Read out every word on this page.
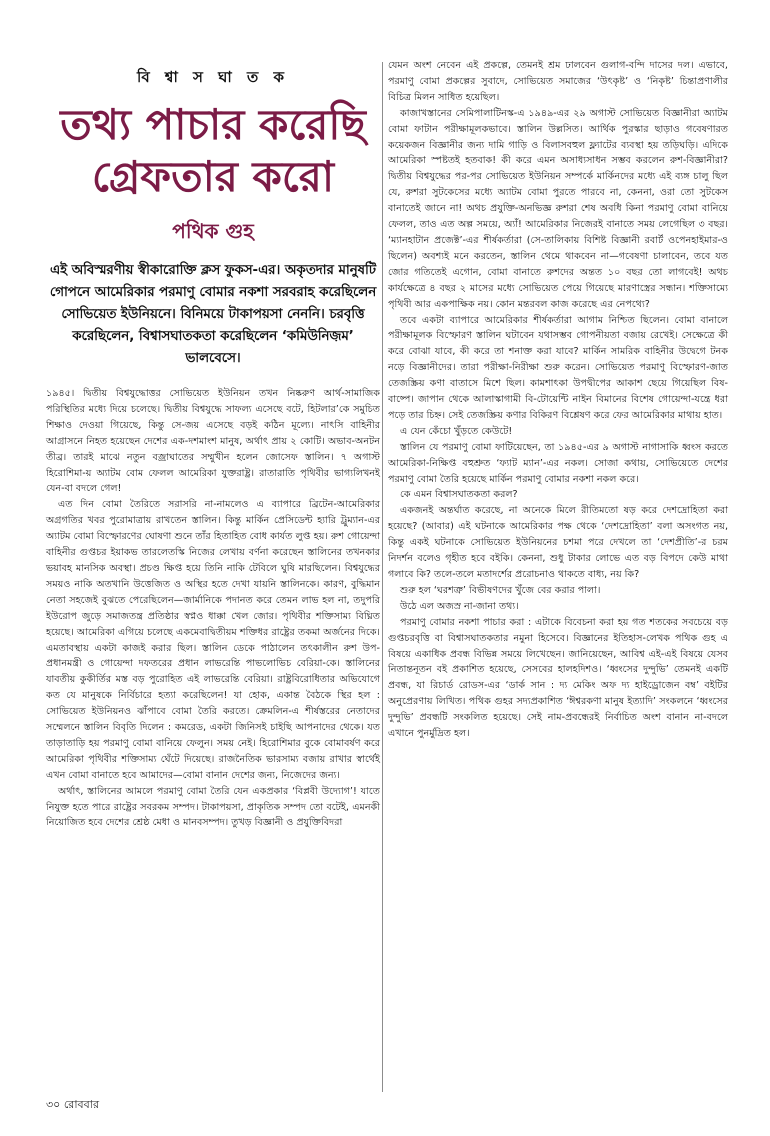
বি শ্বা স ঘা ত ক
তথ্য পাচার করেছি
গ্রেফতার করো
পথিক গুহ
এই অবিস্মরণীয় স্বীকারোক্তি ক্লস ফুকস-এর। অকৃতদার মানুষটি গোপনে আমেরিকার পরমাণু বোমার নকশা সরবরাহ করেছিলেন সোভিয়েত ইউনিয়নে। বিনিময়ে টাকাপয়সা নেননি। চরবৃত্তি করেছিলেন, বিশ্বাসঘাতকতা করেছিলেন ‘কমিউনিজ়ম’ ভালবেসে।

১৯৪৫। দ্বিতীয় বিশ্বযুদ্ধোত্তর সোভিয়েত ইউনিয়ন তখন নিষ্করুণ আর্থ-সামাজিক পরিস্থিতির মধ্যে দিয়ে চলেছে। দ্বিতীয় বিশ্বযুদ্ধে সাফল্য এসেছে বটে, হিটলার’কে সমুচিত শিক্ষাও দেওয়া গিয়েছে, কিন্তু সে-জয় এসেছে বড়ই কঠিন মূল্যে। নাৎসি বাহিনীর আগ্রাসনে নিহত হয়েছেন দেশের এক-দশমাংশ মানুষ, অর্থাৎ প্রায় ২ কোটি। অভাব-অনটন তীব্র। তারই মাঝে নতুন বজ্রাঘাতের সম্মুখীন হলেন জোসেফ স্তালিন। ৭ অগাস্ট হিরোশিমা-য় অ্যাটম বোম ফেলল আমেরিকা যুক্তরাষ্ট্র। রাতারাতি পৃথিবীর ভাগ্যলিখনই যেন-বা বদলে গেল!

এত দিন বোমা তৈরিতে সরাসরি না-নামলেও এ ব্যাপারে ব্রিটেন-আমেরিকার অগ্রগতির খবর পুরোমাত্রায় রাখতেন স্তালিন। কিন্তু মার্কিন প্রেসিডেন্ট হ্যারি ট্রুম্যান-এর অ্যাটম বোমা বিস্ফোরণের ঘোষণা শুনে তাঁর হিতাহিত বোধ কার্যত লুপ্ত হয়। রুশ গোয়েন্দা বাহিনীর গুপ্তচর ইয়াকভ তারলেতস্কি নিজের লেখায় বর্ণনা করেছেন স্তালিনের তখনকার ভয়াবহ মানসিক অবস্থা। প্রচণ্ড ক্ষিপ্ত হয়ে তিনি নাকি টেবিলে ঘুষি মারছিলেন। বিশ্বযুদ্ধের সময়ও নাকি অতখানি উত্তেজিত ও অস্থির হতে দেখা যায়নি স্তালিনকে। কারণ, বুদ্ধিমান নেতা সহজেই বুঝতে পেরেছিলেন—জার্মানিকে পদানত করে তেমন লাভ হল না, তদুপরি ইউরোপ জুড়ে সমাজতন্ত্র প্রতিষ্ঠার স্বপ্নও ধাক্কা খেল জোর। পৃথিবীর শক্তিসাম্য বিঘ্নিত হয়েছে। আমেরিকা এগিয়ে চলেছে একমেবাদ্বিতীয়ম শক্তিধর রাষ্ট্রের তকমা অর্জনের দিকে। এমতাবস্থায় একটা কাজই করার ছিল। স্তালিন ডেকে পাঠালেন তৎকালীন রুশ উপ-প্রধানমন্ত্রী ও গোয়েন্দা দফতরের প্রধান লাভরেন্তি পাভলোভিচ বেরিয়া-কে। স্তালিনের যাবতীয় কুকীর্তির মস্ত বড় পুরোহিত এই লাভরেন্তি বেরিয়া। রাষ্ট্রবিরোধিতার অভিযোগে কত যে মানুষকে নির্বিচারে হত্যা করেছিলেন! যা হোক, একান্ত বৈঠকে স্থির হল : সোভিয়েত ইউনিয়নও ঝাঁপাবে বোমা তৈরি করতে। ক্রেমলিন-এ শীর্ষস্তরের নেতাদের সম্মেলনে স্তালিন বিবৃতি দিলেন : কমরেড, একটা জিনিসই চাইছি আপনাদের থেকে। যত তাড়াতাড়ি হয় পরমাণু বোমা বানিয়ে ফেলুন। সময় নেই। হিরোশিমার বুকে বোমাবর্ষণ করে আমেরিকা পৃথিবীর শক্তিসাম্য ঘেঁটে দিয়েছে। রাজনৈতিক ভারসাম্য বজায় রাখার স্বার্থেই এখন বোমা বানাতে হবে আমাদের—বোমা বানান দেশের জন্য, নিজেদের জন্য।

অর্থাৎ, স্তালিনের আমলে পরমাণু বোমা তৈরি যেন একপ্রকার ‘বিপ্লবী উদ্যোগ’! যাতে নিযুক্ত হতে পারে রাষ্ট্রের সবরকম সম্পদ। টাকাপয়সা, প্রাকৃতিক সম্পদ তো বটেই, এমনকী নিয়োজিত হবে দেশের শ্রেষ্ঠ মেধা ও মানবসম্পদ। তুখড় বিজ্ঞানী ও প্রযুক্তিবিদরা

যেমন অংশ নেবেন এই প্রকল্পে, তেমনই শ্রম ঢালবেন গুলাগ-বন্দি দাসের দল। এভাবে, পরমাণু বোমা প্রকল্পের সুবাদে, সোভিয়েত সমাজের ‘উৎকৃষ্ট’ ও ‘নিকৃষ্ট’ চিন্তাপ্রণালীর বিচিত্র মিলন সাধিত হয়েছিল।

কাজাখস্তানের সেমিপালাটিনস্ক-এ ১৯৪৯-এর ২৯ অগাস্ট সোভিয়েত বিজ্ঞানীরা অ্যাটম বোমা ফাটান পরীক্ষামূলকভাবে। স্তালিন উল্লসিত। আর্থিক পুরস্কার ছাড়াও গবেষণারত কয়েকজন বিজ্ঞানীর জন্য দামি গাড়ি ও বিলাসবহুল ফ্ল্যাটের ব্যবস্থা হয় তড়িঘড়ি। এদিকে আমেরিকা স্পষ্টতই হতবাক! কী করে এমন অসাধ্যসাধন সম্ভব করলেন রুশ-বিজ্ঞানীরা? দ্বিতীয় বিশ্বযুদ্ধের পর-পর সোভিয়েত ইউনিয়ন সম্পর্কে মার্কিনদের মধ্যে এই ব্যঙ্গ চালু ছিল যে, রুশরা সুটকেসের মধ্যে অ্যাটম বোমা পুরতে পারবে না, কেননা, ওরা তো সুটকেস বানাতেই জানে না! অথচ প্রযুক্তি-অনভিজ্ঞ রুশরা শেষ অবধি কিনা পরমাণু বোমা বানিয়ে ফেলল, তাও এত অল্প সময়ে, অ্যাঁ! আমেরিকার নিজেরই বানাতে সময় লেগেছিল ৩ বছর। ‘ম্যানহাটান প্রজেক্ট’-এর শীর্ষকর্তারা (সে-তালিকায় বিশিষ্ট বিজ্ঞানী রবার্ট ওপেনহাইমার-ও ছিলেন) অবশ্যই মনে করতেন, স্তালিন থেমে থাকবেন না—গবেষণা চালাবেন, তবে যত জোর গতিতেই এগোন, বোমা বানাতে রুশদের অন্তত ১০ বছর তো লাগবেই! অথচ কার্যক্ষেত্রে ৪ বছর ২ মাসের মধ্যে সোভিয়েত পেয়ে গিয়েছে মারণাস্ত্রের সন্ধান। শক্তিসাম্যে পৃথিবী আর একপাক্ষিক নয়। কোন মন্তরবল কাজ করেছে এর নেপথ্যে?

তবে একটা ব্যাপারে আমেরিকার শীর্ষকর্তারা আগাম নিশ্চিত ছিলেন। বোমা বানালে পরীক্ষামূলক বিস্ফোরণ স্তালিন ঘটাবেন যথাসম্ভব গোপনীয়তা বজায় রেখেই। সেক্ষেত্রে কী করে বোঝা যাবে, কী করে তা শনাক্ত করা যাবে? মার্কিন সামরিক বাহিনীর উদ্বেগে টনক নড়ে বিজ্ঞানীদের। তারা পরীক্ষা-নিরীক্ষা শুরু করেন। সোভিয়েত পরমাণু বিস্ফোরণ-জাত তেজস্ক্রিয় কণা বাতাসে মিশে ছিল। কামশাৎকা উপদ্বীপের আকাশ ছেয়ে গিয়েছিল বিষ-বাষ্পে। জাপান থেকে আলাস্কাগামী বি-টোয়েন্টি নাইন বিমানের বিশেষ গোয়েন্দা-যন্ত্রে ধরা পড়ে তার চিহ্ন। সেই তেজস্ক্রিয় কণার বিকিরণ বিশ্লেষণ করে ফের আমেরিকার মাথায় হাত।

এ যেন কেঁচো খুঁড়তে কেউটে!

স্তালিন যে পরমাণু বোমা ফাটিয়েছেন, তা ১৯৪৫-এর ৯ অগাস্ট নাগাসাকি ধ্বংস করতে আমেরিকা-নিক্ষিপ্ত বহুশ্রুত ‘ফ্যাট ম্যান’-এর নকল। সোজা কথায়, সোভিয়েতে দেশের পরমাণু বোমা তৈরি হয়েছে মার্কিন পরমাণু বোমার নকশা নকল করে।

কে এমন বিশ্বাসঘাতকতা করল?

একজনই অন্তর্ঘাত করেছে, না অনেকে মিলে রীতিমতো ষড় করে দেশদ্রোহিতা করা হয়েছে? (আবার) এই ঘটনাকে আমেরিকার পক্ষ থেকে ‘দেশদ্রোহিতা’ বলা অসংগত নয়, কিন্তু একই ঘটনাকে সোভিয়েত ইউনিয়নের চশমা পরে দেখলে তা ‘দেশপ্রীতি’-র চরম নিদর্শন বলেও গৃহীত হবে বইকি। কেননা, শুধু টাকার লোভে এত বড় বিপদে কেউ মাথা গলাবে কি? তলে-তলে মতাদর্শের প্ররোচনাও থাকতে বাধ্য, নয় কি?

শুরু হল ‘ঘরশত্রু’ বিভীষণদের খুঁজে বের করার পালা।

উঠে এল অজস্র না-জানা তথ্য।

পরমাণু বোমার নকশা পাচার করা : এটাকে বিবেচনা করা হয় গত শতকের সবচেয়ে বড় গুপ্তচরবৃত্তি বা বিশ্বাসঘাতকতার নমুনা হিসেবে। বিজ্ঞানের ইতিহাস-লেখক পথিক গুহ এ বিষয়ে একাধিক প্রবন্ধ বিভিন্ন সময়ে লিখেছেন। জানিয়েছেন, আবিশ্ব এই-এই বিষয়ে যেসব নিতান্তনূতন বই প্রকাশিত হয়েছে, সেসবের হালহদিশও। ‘ধ্বংসের দুন্দুভি’ তেমনই একটি প্রবন্ধ, যা রিচার্ড রোডস-এর ‘ডার্ক সান : দ্য মেকিং অফ দ্য হাইড্রোজেন বম্ব’ বইটির অনুপ্রেরণায় লিখিত। পথিক গুহর সদ্যপ্রকাশিত ‘ঈশ্বরকণা মানুষ ইত্যাদি’ সংকলনে ‘ধ্বংসের দুন্দুভি’ প্রবন্ধটি সংকলিত হয়েছে। সেই নাম-প্রবন্ধেরই নির্বাচিত অংশ বানান না-বদলে এখানে পুনর্মুদ্রিত হল।

৩০ রোববার
